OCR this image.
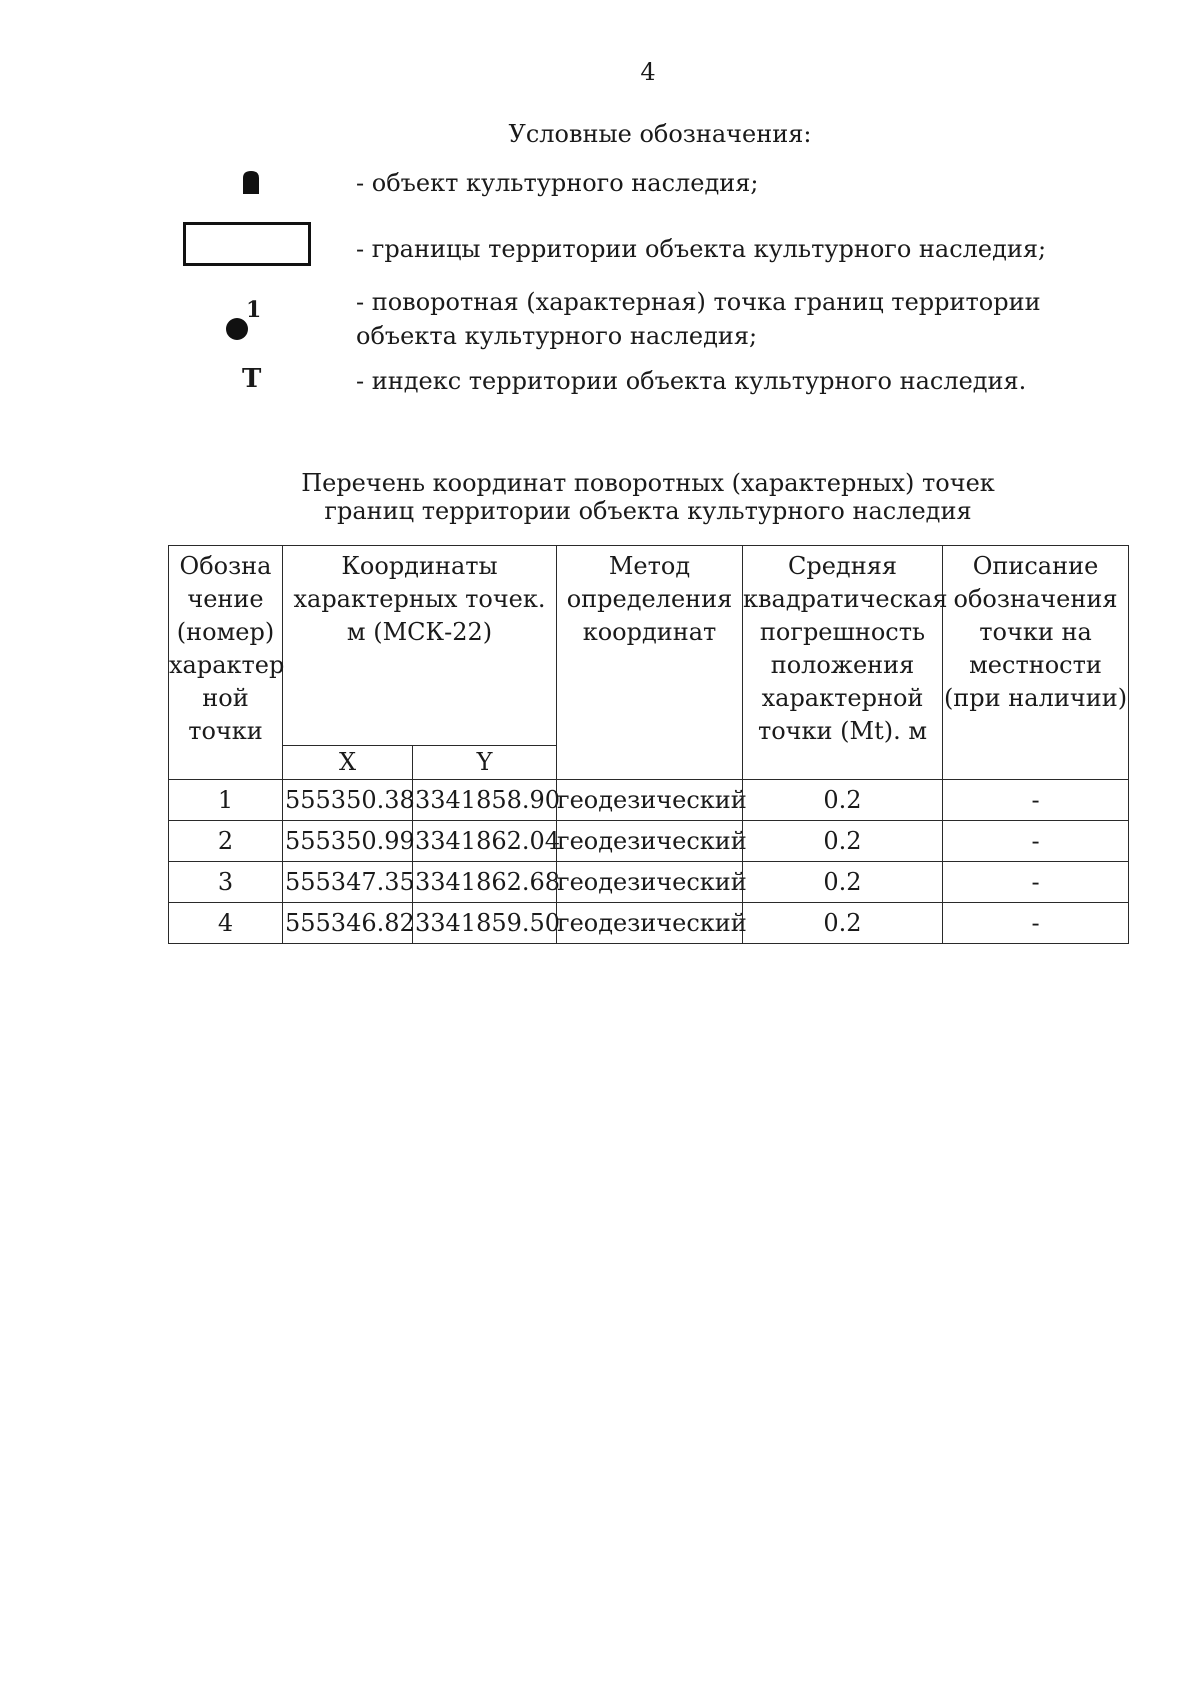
4
Условные обозначения:
- объект культурного наследия;
- границы территории объекта культурного наследия;
1	- поворотная (характерная) точка границ территории объекта культурного наследия;
Т	- индекс территории объекта культурного наследия.
Перечень координат поворотных (характерных) точек
границ территории объекта культурного наследия
Обозна чение (номер) характер ной точки	Координаты характерных точек. м (МСК-22)		Метод определения координат	Средняя квадратическая погрешность положения характерной точки (Mt). м	Описание обозначения точки на местности (при наличии)
	X	Y			
1	555350.38	3341858.90	геодезический	0.2	-
2	555350.99	3341862.04	геодезический	0.2	-
3	555347.35	3341862.68	геодезический	0.2	-
4	555346.82	3341859.50	геодезический	0.2	-
